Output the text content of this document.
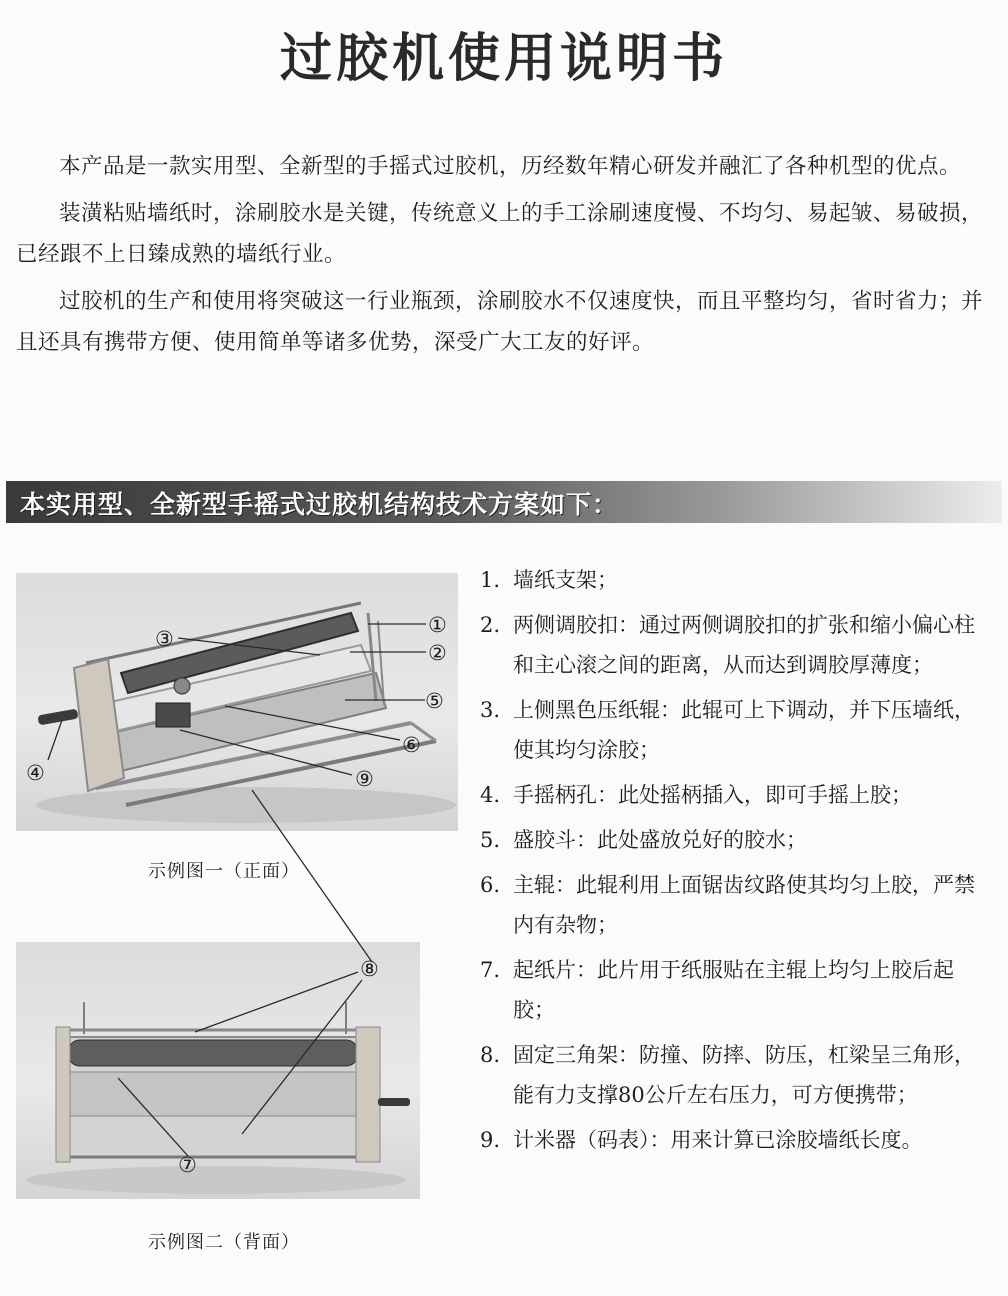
过胶机使用说明书

本产品是一款实用型、全新型的手摇式过胶机，历经数年精心研发并融汇了各种机型的优点。

装潢粘贴墙纸时，涂刷胶水是关键，传统意义上的手工涂刷速度慢、不均匀、易起皱、易破损，已经跟不上日臻成熟的墙纸行业。

过胶机的生产和使用将突破这一行业瓶颈，涂刷胶水不仅速度快，而且平整均匀，省时省力；并且还具有携带方便、使用简单等诸多优势，深受广大工友的好评。

本实用型、全新型手摇式过胶机结构技术方案如下：
示例图一（正面）
示例图二（背面）
①
②
③
④
⑤
⑥
⑦
⑧
⑨
1. 墙纸支架；
2. 两侧调胶扣：通过两侧调胶扣的扩张和缩小偏心柱和主心滚之间的距离，从而达到调胶厚薄度；
3. 上侧黑色压纸辊：此辊可上下调动，并下压墙纸，使其均匀涂胶；
4. 手摇柄孔：此处摇柄插入，即可手摇上胶；
5. 盛胶斗：此处盛放兑好的胶水；
6. 主辊：此辊利用上面锯齿纹路使其均匀上胶，严禁内有杂物；
7. 起纸片：此片用于纸服贴在主辊上均匀上胶后起胶；
8. 固定三角架：防撞、防摔、防压，杠梁呈三角形，能有力支撑80公斤左右压力，可方便携带；
9. 计米器（码表）：用来计算已涂胶墙纸长度。
